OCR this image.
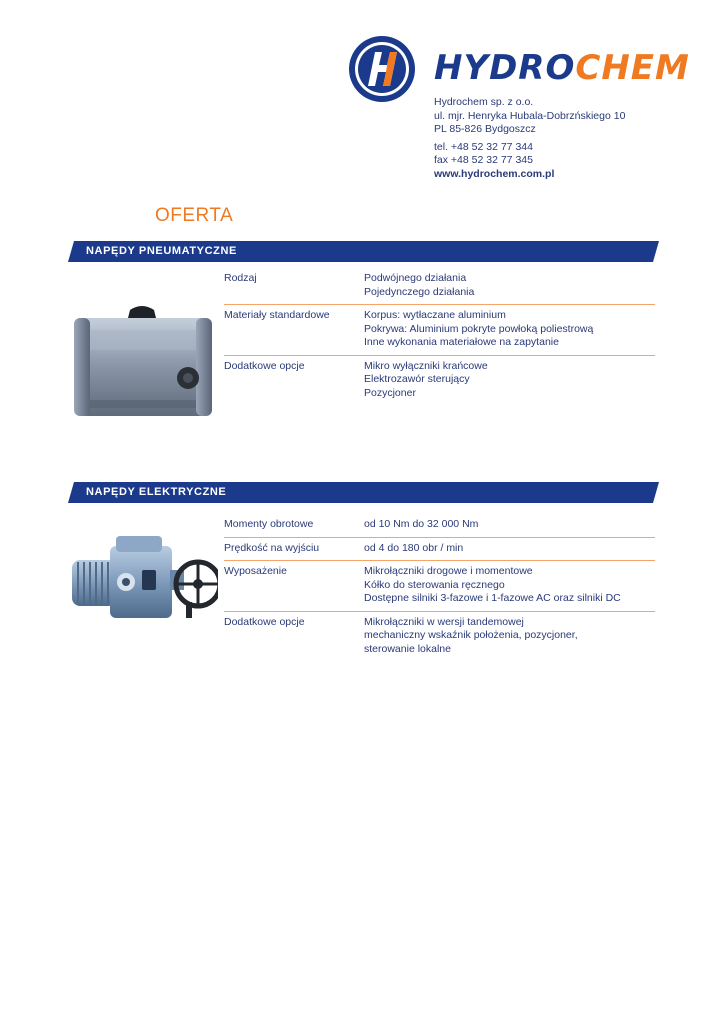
HYDROCHEM
Hydrochem sp. z o.o.
ul. mjr. Henryka Hubala-Dobrzńskiego 10
PL 85-826 Bydgoszcz
tel. +48 52 32 77 344
fax +48 52 32 77 345
www.hydrochem.com.pl
OFERTA
NAPĘDY PNEUMATYCZNE
Rodzaj	Podwójnego działania
Pojedynczego działania
Materiały standardowe	Korpus: wytłaczane aluminium
Pokrywa: Aluminium pokryte powłoką poliestrową
Inne wykonania materiałowe na zapytanie
Dodatkowe opcje	Mikro wyłączniki krańcowe
Elektrozawór sterujący
Pozycjoner
NAPĘDY ELEKTRYCZNE
Momenty obrotowe	od 10 Nm do 32 000 Nm
Prędkość na wyjściu	od 4 do 180 obr / min
Wyposażenie	Mikrołączniki drogowe i momentowe
Kółko do sterowania ręcznego
Dostępne silniki 3-fazowe i 1-fazowe AC oraz silniki DC
Dodatkowe opcje	Mikrołączniki w wersji tandemowej
mechaniczny wskaźnik położenia, pozycjoner,
sterowanie lokalne
